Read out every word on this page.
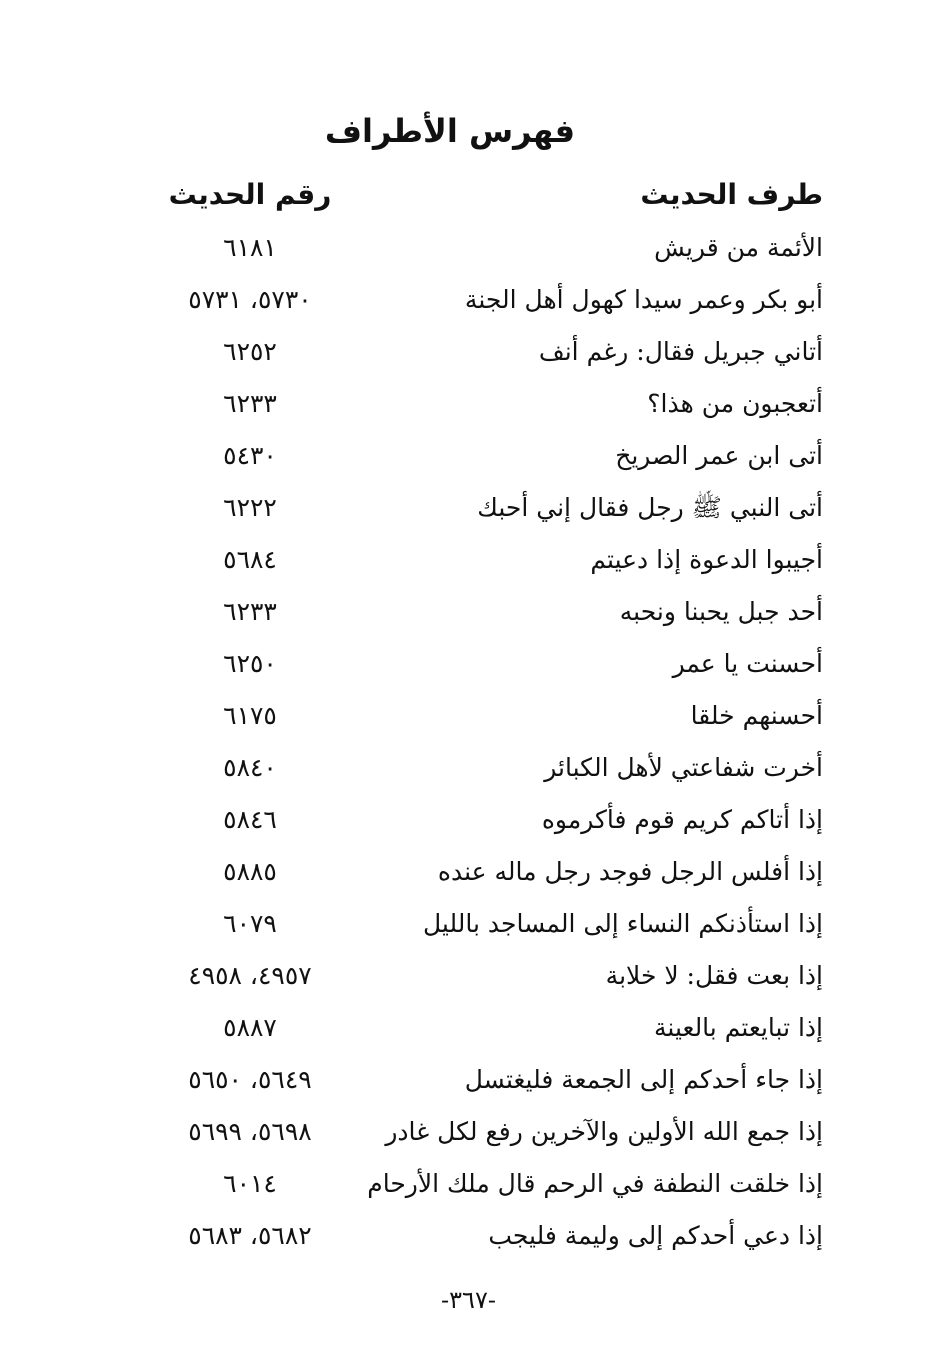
فهرس الأطراف
طرف الحديث
رقم الحديث
الأئمة من قريش
٦١٨١
أبو بكر وعمر سيدا كهول أهل الجنة
٥٧٣٠، ٥٧٣١
أتاني جبريل فقال: رغم أنف
٦٢٥٢
أتعجبون من هذا؟
٦٢٣٣
أتى ابن عمر الصريخ
٥٤٣٠
أتى النبي ﷺ رجل فقال إني أحبك
٦٢٢٢
أجيبوا الدعوة إذا دعيتم
٥٦٨٤
أحد جبل يحبنا ونحبه
٦٢٣٣
أحسنت يا عمر
٦٢٥٠
أحسنهم خلقا
٦١٧٥
أخرت شفاعتي لأهل الكبائر
٥٨٤٠
إذا أتاكم كريم قوم فأكرموه
٥٨٤٦
إذا أفلس الرجل فوجد رجل ماله عنده
٥٨٨٥
إذا استأذنكم النساء إلى المساجد بالليل
٦٠٧٩
إذا بعت فقل: لا خلابة
٤٩٥٧، ٤٩٥٨
إذا تبايعتم بالعينة
٥٨٨٧
إذا جاء أحدكم إلى الجمعة فليغتسل
٥٦٤٩، ٥٦٥٠
إذا جمع الله الأولين والآخرين رفع لكل غادر
٥٦٩٨، ٥٦٩٩
إذا خلقت النطفة في الرحم قال ملك الأرحام
٦٠١٤
إذا دعي أحدكم إلى وليمة فليجب
٥٦٨٢، ٥٦٨٣
-٣٦٧-
